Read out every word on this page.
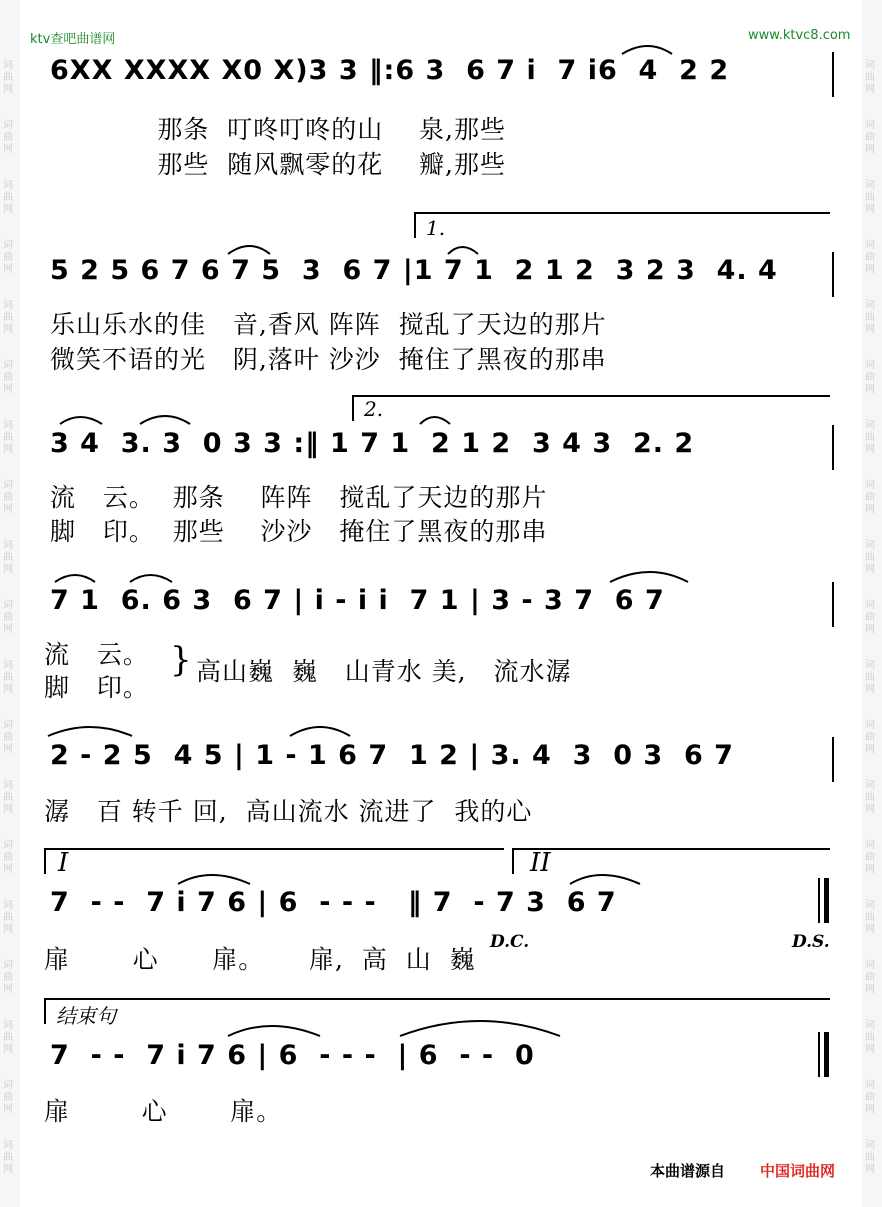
词
曲
网
词
曲
网
词
曲
网
词
曲
网
词
曲
网
词
曲
网
词
曲
网
词
曲
网
词
曲
网
词
曲
网
词
曲
网
词
曲
网
词
曲
网
词
曲
网
词
曲
网
词
曲
网
词
曲
网
词
曲
网
词
曲
网
词
曲
网
词
曲
网
词
曲
网
词
曲
网
词
曲
网
词
曲
网
词
曲
网
词
曲
网
词
曲
网
词
曲
网
词
曲
网
词
曲
网
词
曲
网
词
曲
网
词
曲
网
词
曲
网
词
曲
网
词
曲
网
词
曲
网
ktv查吧曲谱网	www.ktvc8.com
6XX XXXX X0 X)3 3 ‖:6 3  6 7 i  7 i6  4  2 2
那条  叮咚叮咚的山    泉,那些
那些  随风飘零的花    瓣,那些
1.
5 2 5 6 7 6 7 5  3  6 7 |1 7 1  2 1 2  3 2 3  4. 4
乐山乐水的佳   音,香风 阵阵  搅乱了天边的那片
微笑不语的光   阴,落叶 沙沙  掩住了黑夜的那串
2.
3 4  3. 3  0 3 3 :‖ 1 7 1  2 1 2  3 4 3  2. 2
流   云。  那条    阵阵   搅乱了天边的那片
脚   印。  那些    沙沙   掩住了黑夜的那串
7 1  6. 6 3  6 7 | i - i i  7 1 | 3 - 3 7  6 7
流   云。
脚   印。
} 高山巍  巍   山青水 美,   流水潺
2 - 2 5  4 5 | 1 - 1 6 7  1 2 | 3. 4  3  0 3  6 7
潺   百 转千 回,  高山流水 流进了  我的心
I	II
7  - -  7 i 7 6 | 6  - - -   ‖ 7  - 7 3  6 7
扉       心      扉。     扉,  高  山  巍
D.C.	D.S.
结束句
7  - -  7 i 7 6 | 6  - - -  | 6  - -  0
扉        心       扉。
本曲谱源自 中国词曲网
